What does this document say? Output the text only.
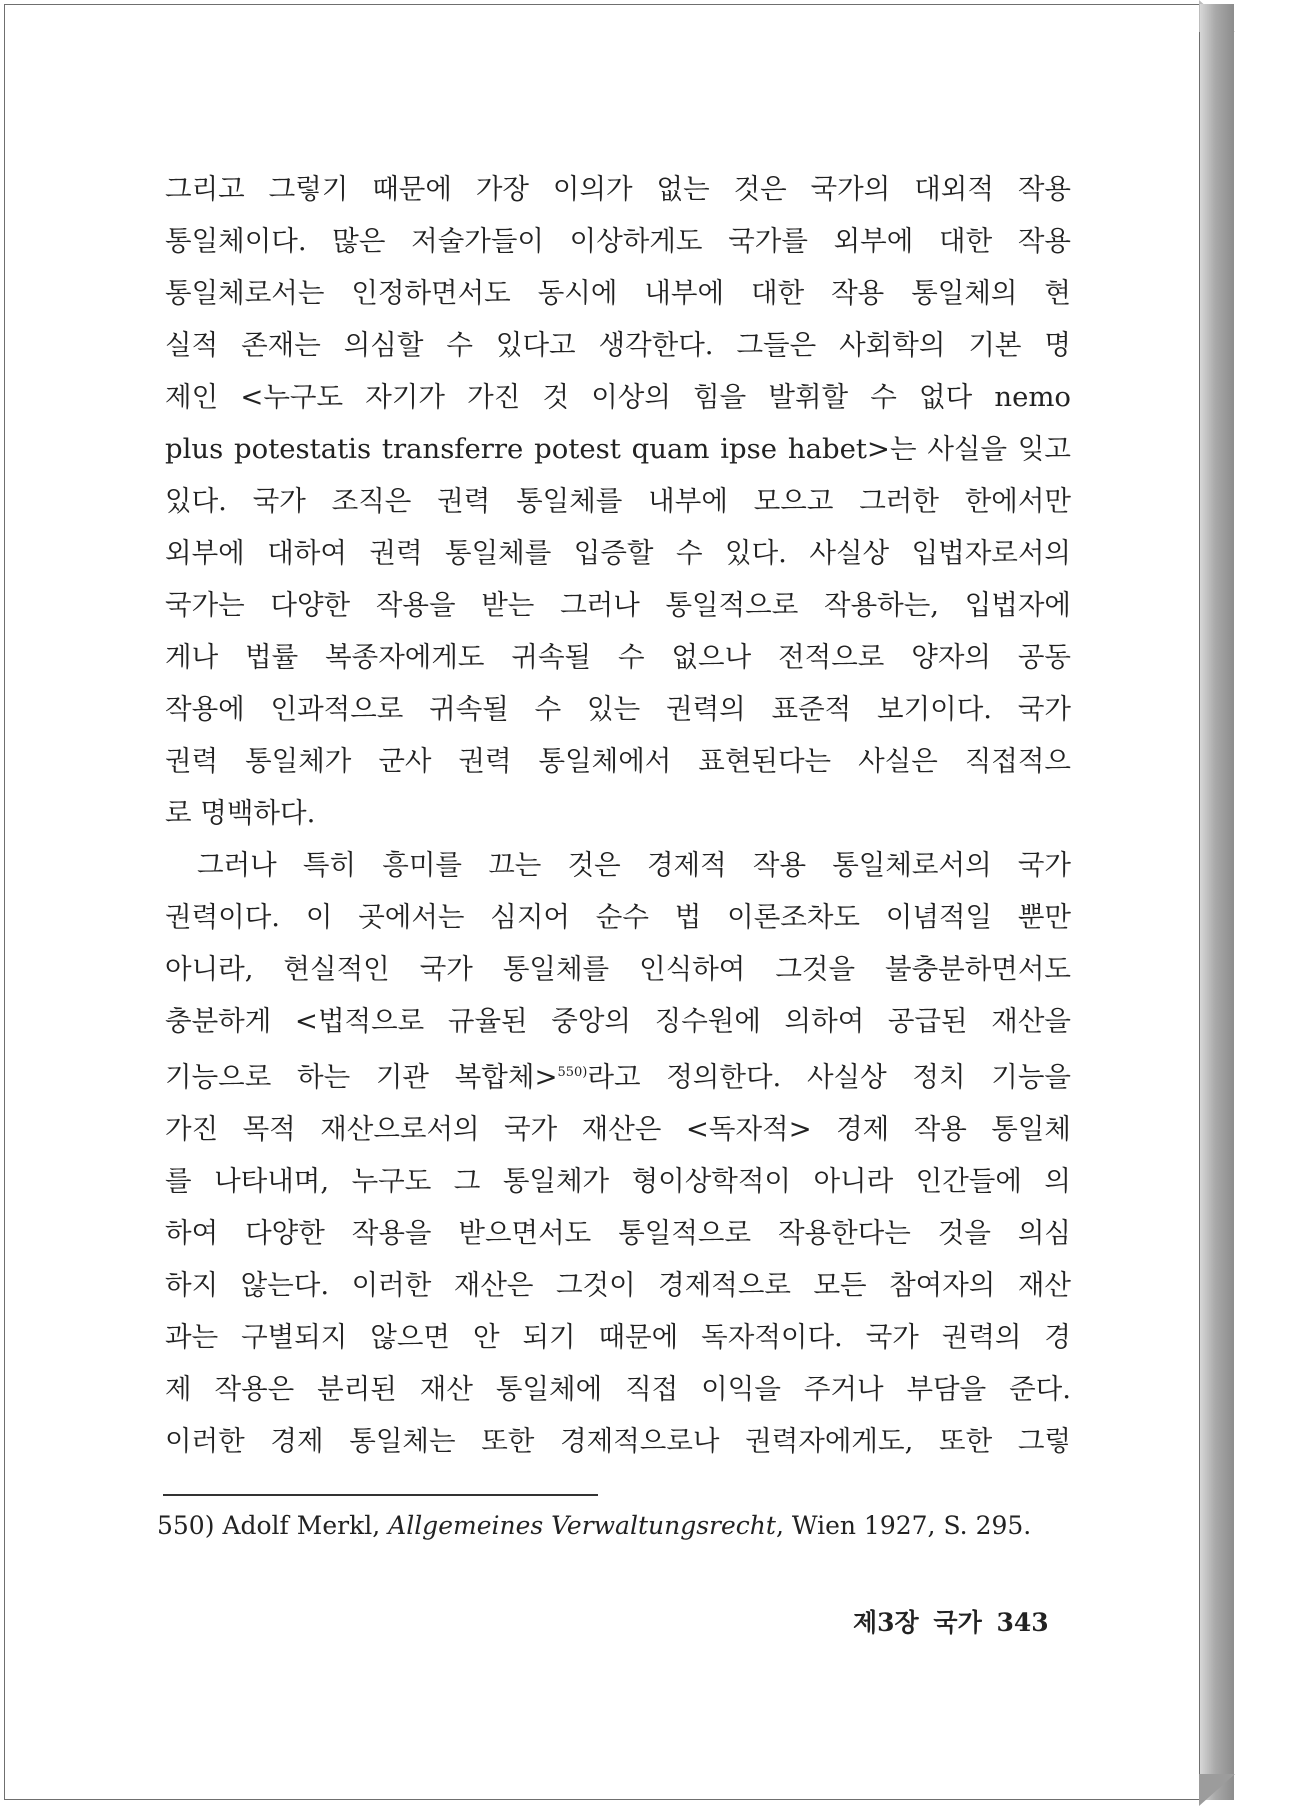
그리고 그렇기 때문에 가장 이의가 없는 것은 국가의 대외적 작용
통일체이다. 많은 저술가들이 이상하게도 국가를 외부에 대한 작용
통일체로서는 인정하면서도 동시에 내부에 대한 작용 통일체의 현
실적 존재는 의심할 수 있다고 생각한다. 그들은 사회학의 기본 명
제인 <누구도 자기가 가진 것 이상의 힘을 발휘할 수 없다 nemo
plus potestatis transferre potest quam ipse habet>는 사실을 잊고
있다. 국가 조직은 권력 통일체를 내부에 모으고 그러한 한에서만
외부에 대하여 권력 통일체를 입증할 수 있다. 사실상 입법자로서의
국가는 다양한 작용을 받는 그러나 통일적으로 작용하는, 입법자에
게나 법률 복종자에게도 귀속될 수 없으나 전적으로 양자의 공동
작용에 인과적으로 귀속될 수 있는 권력의 표준적 보기이다. 국가
권력 통일체가 군사 권력 통일체에서 표현된다는 사실은 직접적으
로 명백하다.
그러나 특히 흥미를 끄는 것은 경제적 작용 통일체로서의 국가
권력이다. 이 곳에서는 심지어 순수 법 이론조차도 이념적일 뿐만
아니라, 현실적인 국가 통일체를 인식하여 그것을 불충분하면서도
충분하게 <법적으로 규율된 중앙의 징수원에 의하여 공급된 재산을
기능으로 하는 기관 복합체>$^{550)}$라고 정의한다. 사실상 정치 기능을
가진 목적 재산으로서의 국가 재산은 <독자적> 경제 작용 통일체
를 나타내며, 누구도 그 통일체가 형이상학적이 아니라 인간들에 의
하여 다양한 작용을 받으면서도 통일적으로 작용한다는 것을 의심
하지 않는다. 이러한 재산은 그것이 경제적으로 모든 참여자의 재산
과는 구별되지 않으면 안 되기 때문에 독자적이다. 국가 권력의 경
제 작용은 분리된 재산 통일체에 직접 이익을 주거나 부담을 준다.
이러한 경제 통일체는 또한 경제적으로나 권력자에게도, 또한 그렇
550) Adolf Merkl, Allgemeines Verwaltungsrecht, Wien 1927, S. 295.
제3장 국가 343
